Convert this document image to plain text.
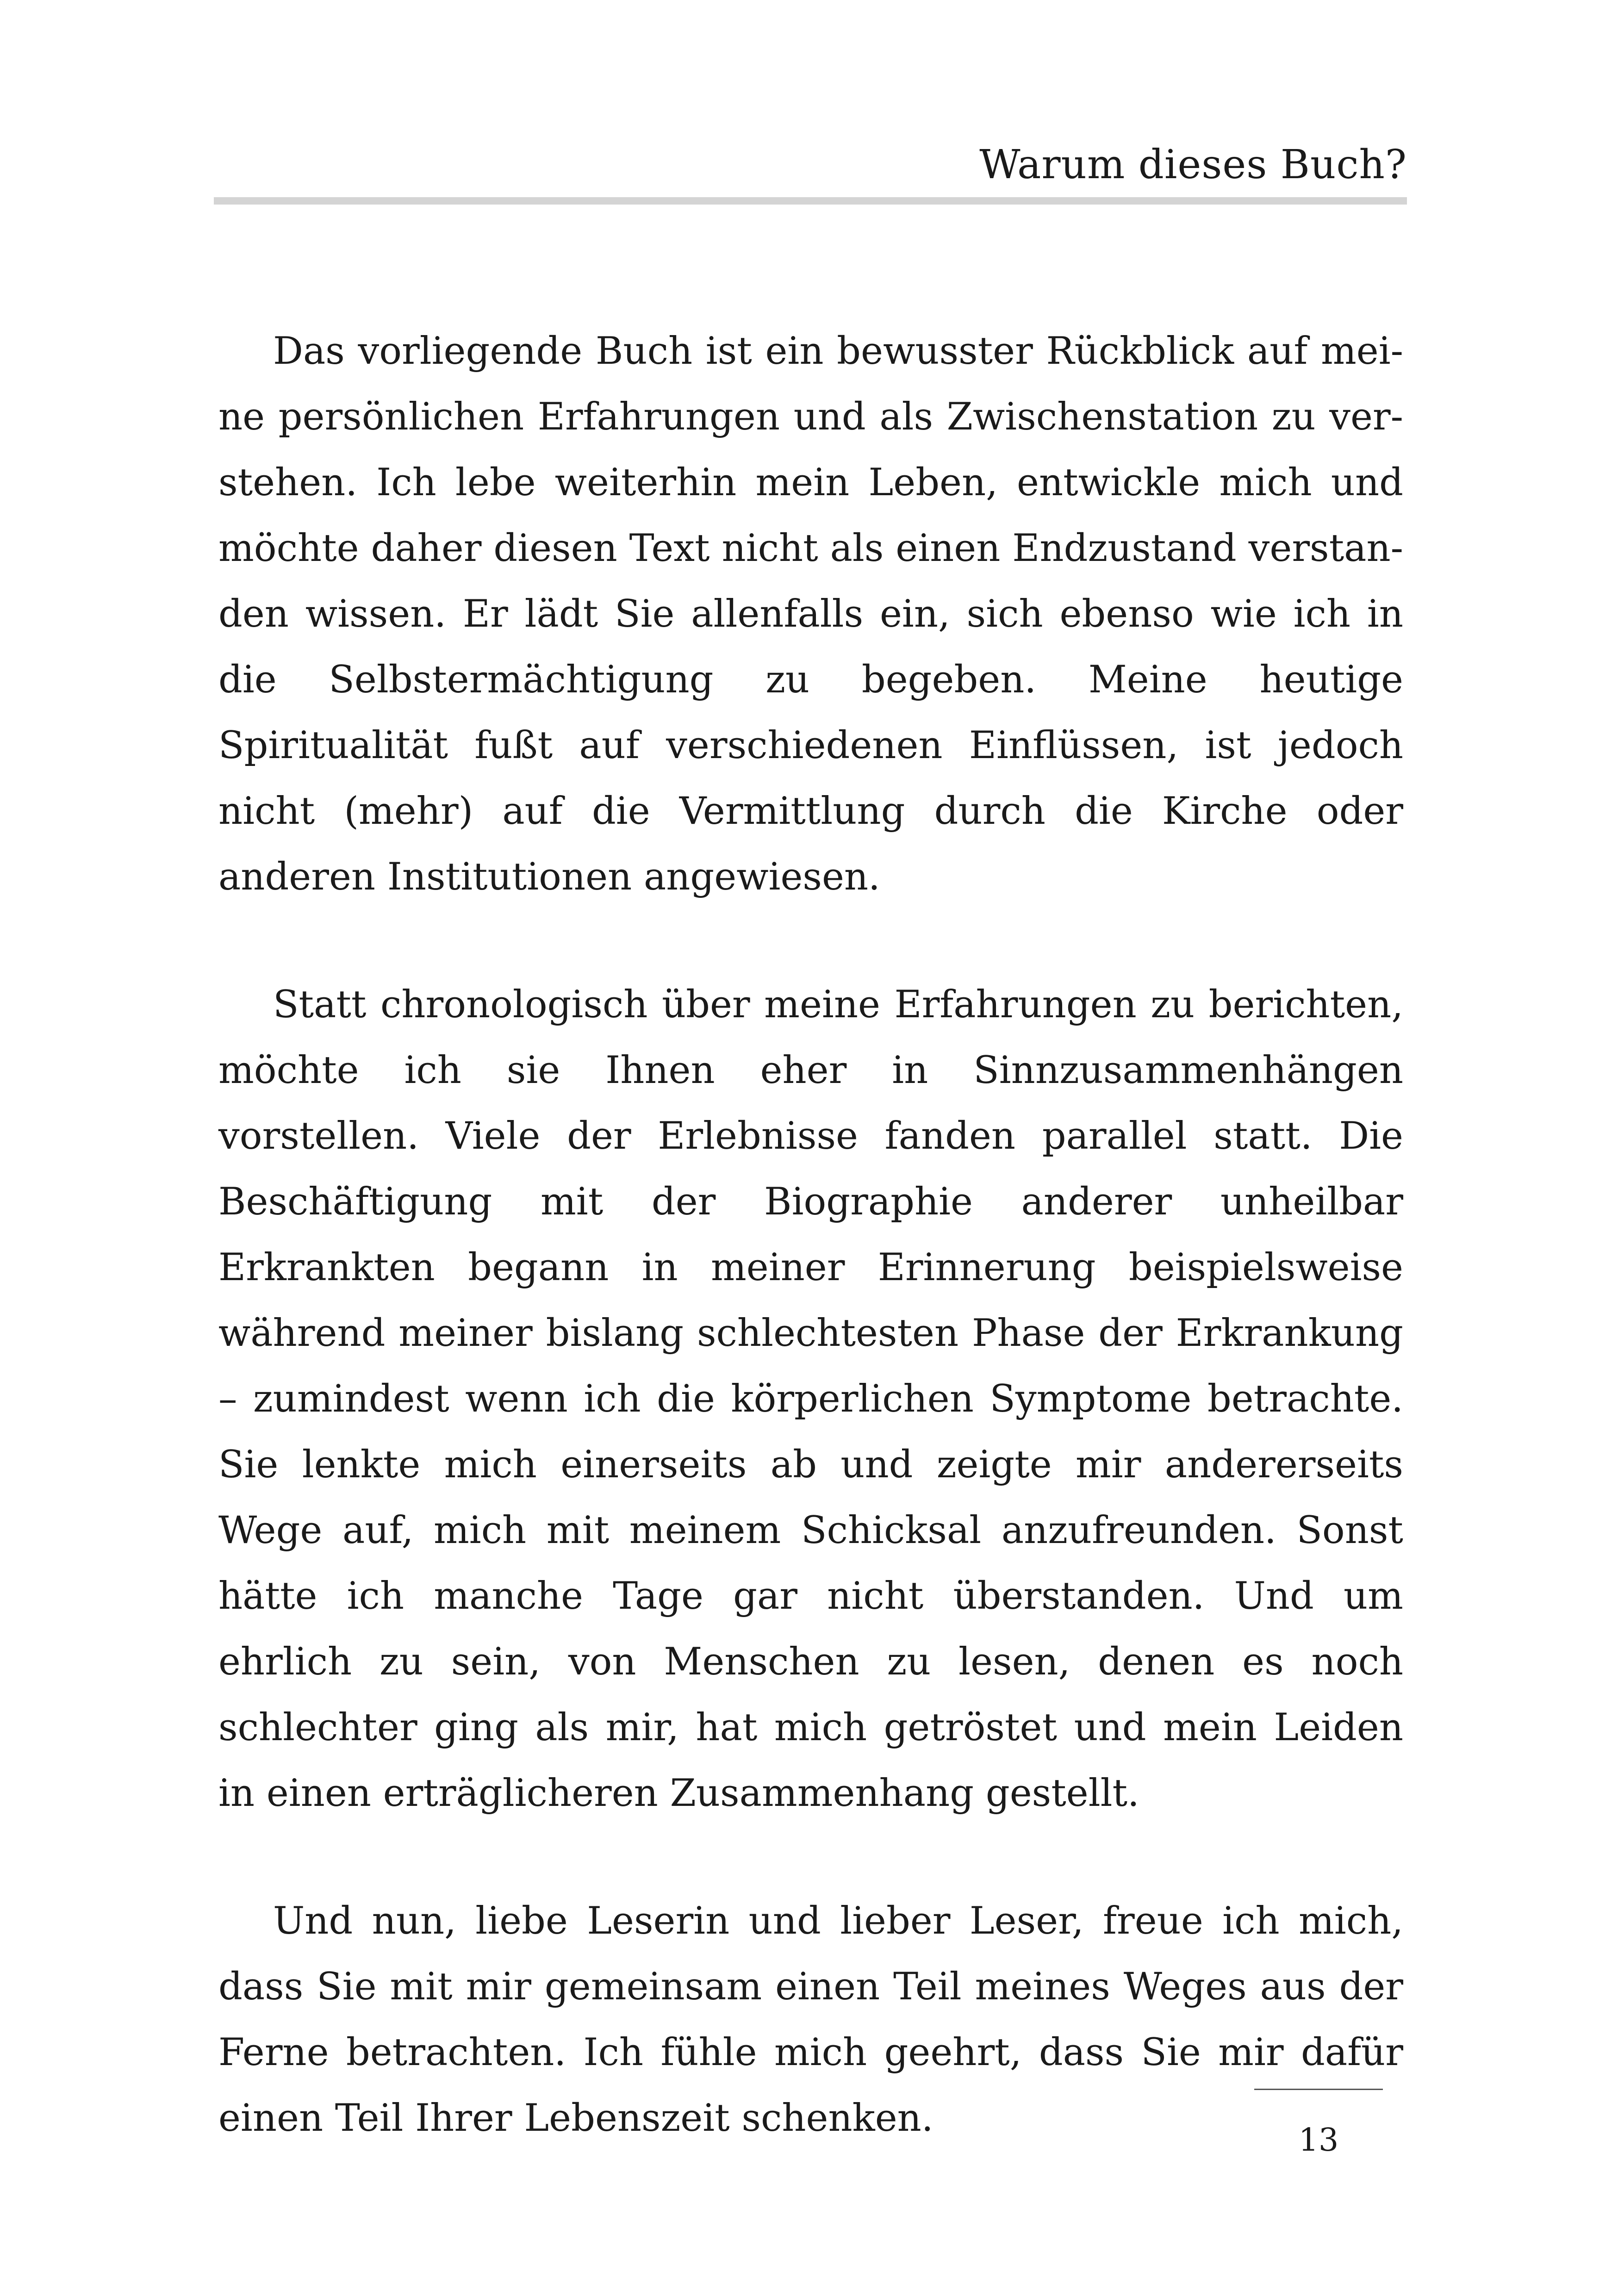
Warum dieses Buch?

Das vorliegende Buch ist ein bewusster Rückblick auf meine persönlichen Erfahrungen und als Zwischenstation zu verstehen. Ich lebe weiterhin mein Leben, entwickle mich und möchte daher diesen Text nicht als einen Endzustand verstanden wissen. Er lädt Sie allenfalls ein, sich ebenso wie ich in die Selbstermächtigung zu begeben. Meine heutige Spiritualität fußt auf verschiedenen Einflüssen, ist jedoch nicht (mehr) auf die Vermittlung durch die Kirche oder anderen Institutionen angewiesen.

Statt chronologisch über meine Erfahrungen zu berichten, möchte ich sie Ihnen eher in Sinnzusammenhängen vorstellen. Viele der Erlebnisse fanden parallel statt. Die Beschäftigung mit der Biographie anderer unheilbar Erkrankten begann in meiner Erinnerung beispielsweise während meiner bislang schlechtesten Phase der Erkrankung – zumindest wenn ich die körperlichen Symptome betrachte. Sie lenkte mich einerseits ab und zeigte mir andererseits Wege auf, mich mit meinem Schicksal anzufreunden. Sonst hätte ich manche Tage gar nicht überstanden. Und um ehrlich zu sein, von Menschen zu lesen, denen es noch schlechter ging als mir, hat mich getröstet und mein Leiden in einen erträglicheren Zusammenhang gestellt.

Und nun, liebe Leserin und lieber Leser, freue ich mich, dass Sie mit mir gemeinsam einen Teil meines Weges aus der Ferne betrachten. Ich fühle mich geehrt, dass Sie mir dafür einen Teil Ihrer Lebenszeit schenken.

13
